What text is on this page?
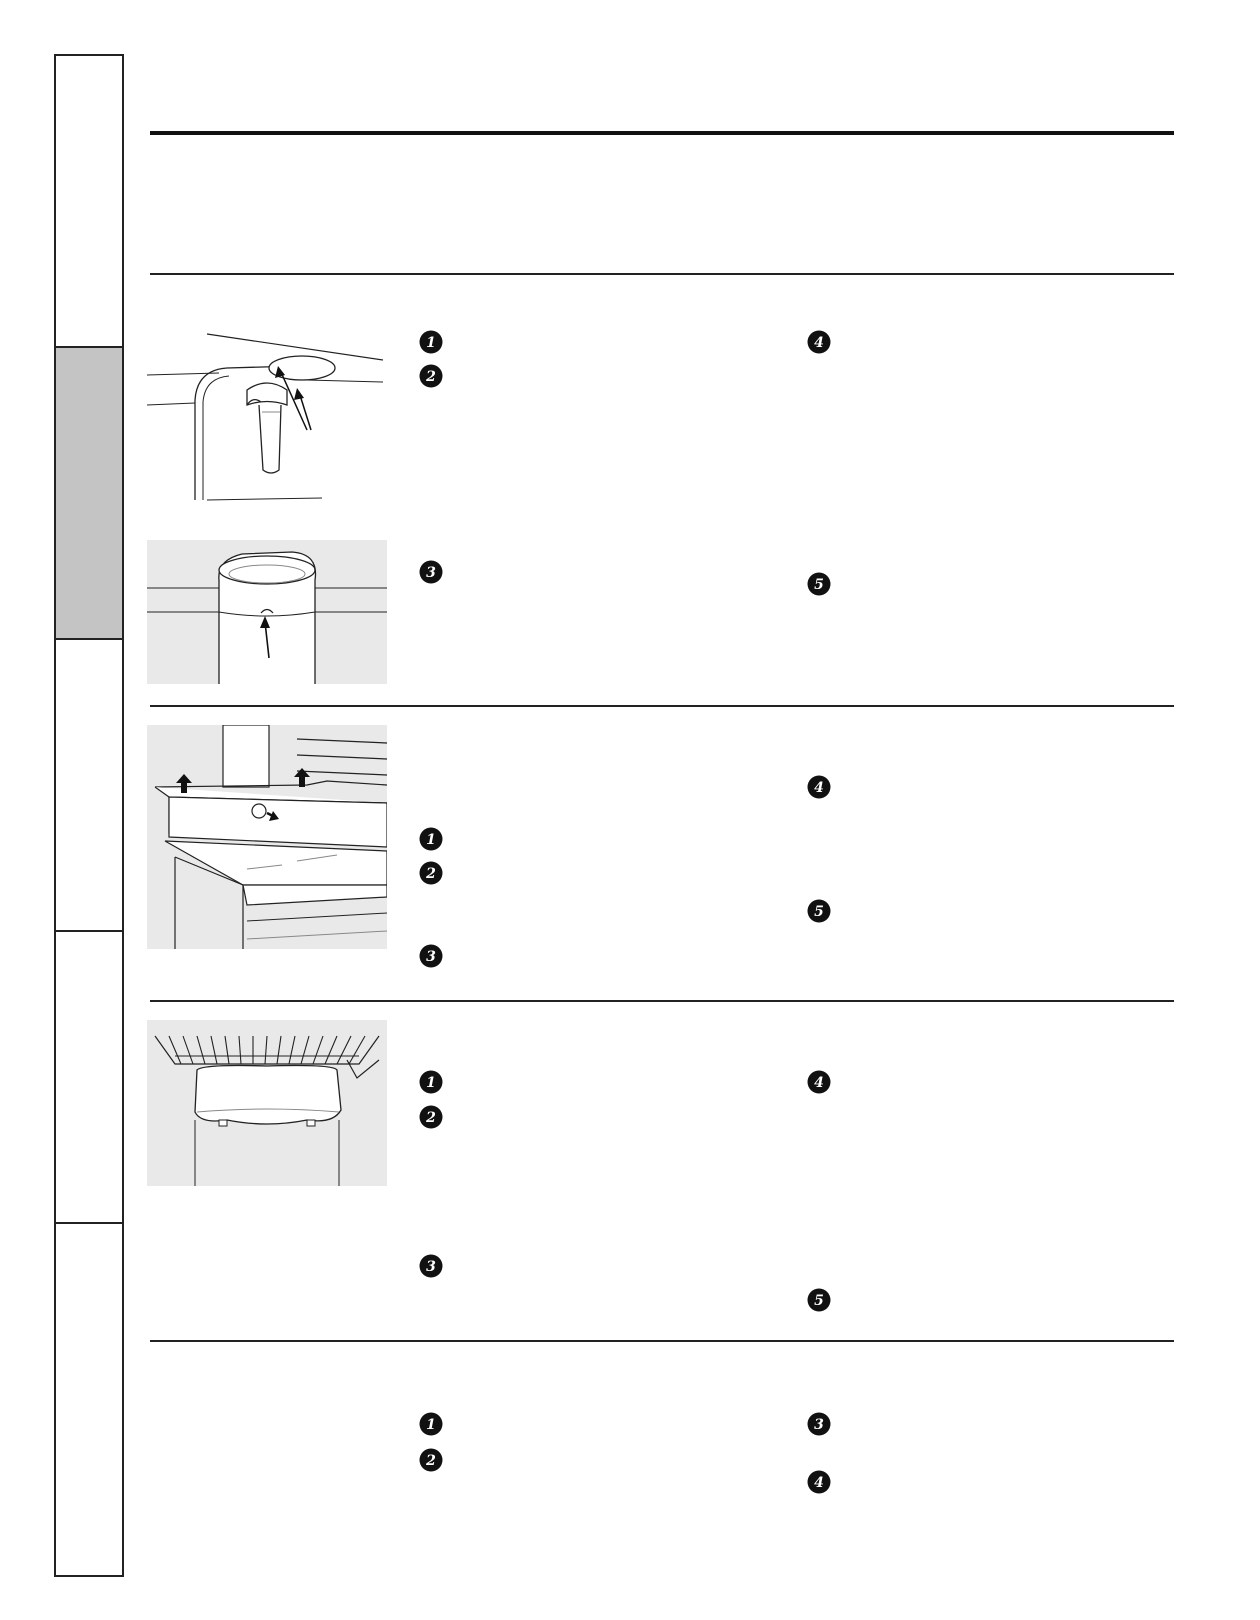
1
2
3
4
5
1
2
3
4
5
1
2
3
4
5
1
2
3
4
